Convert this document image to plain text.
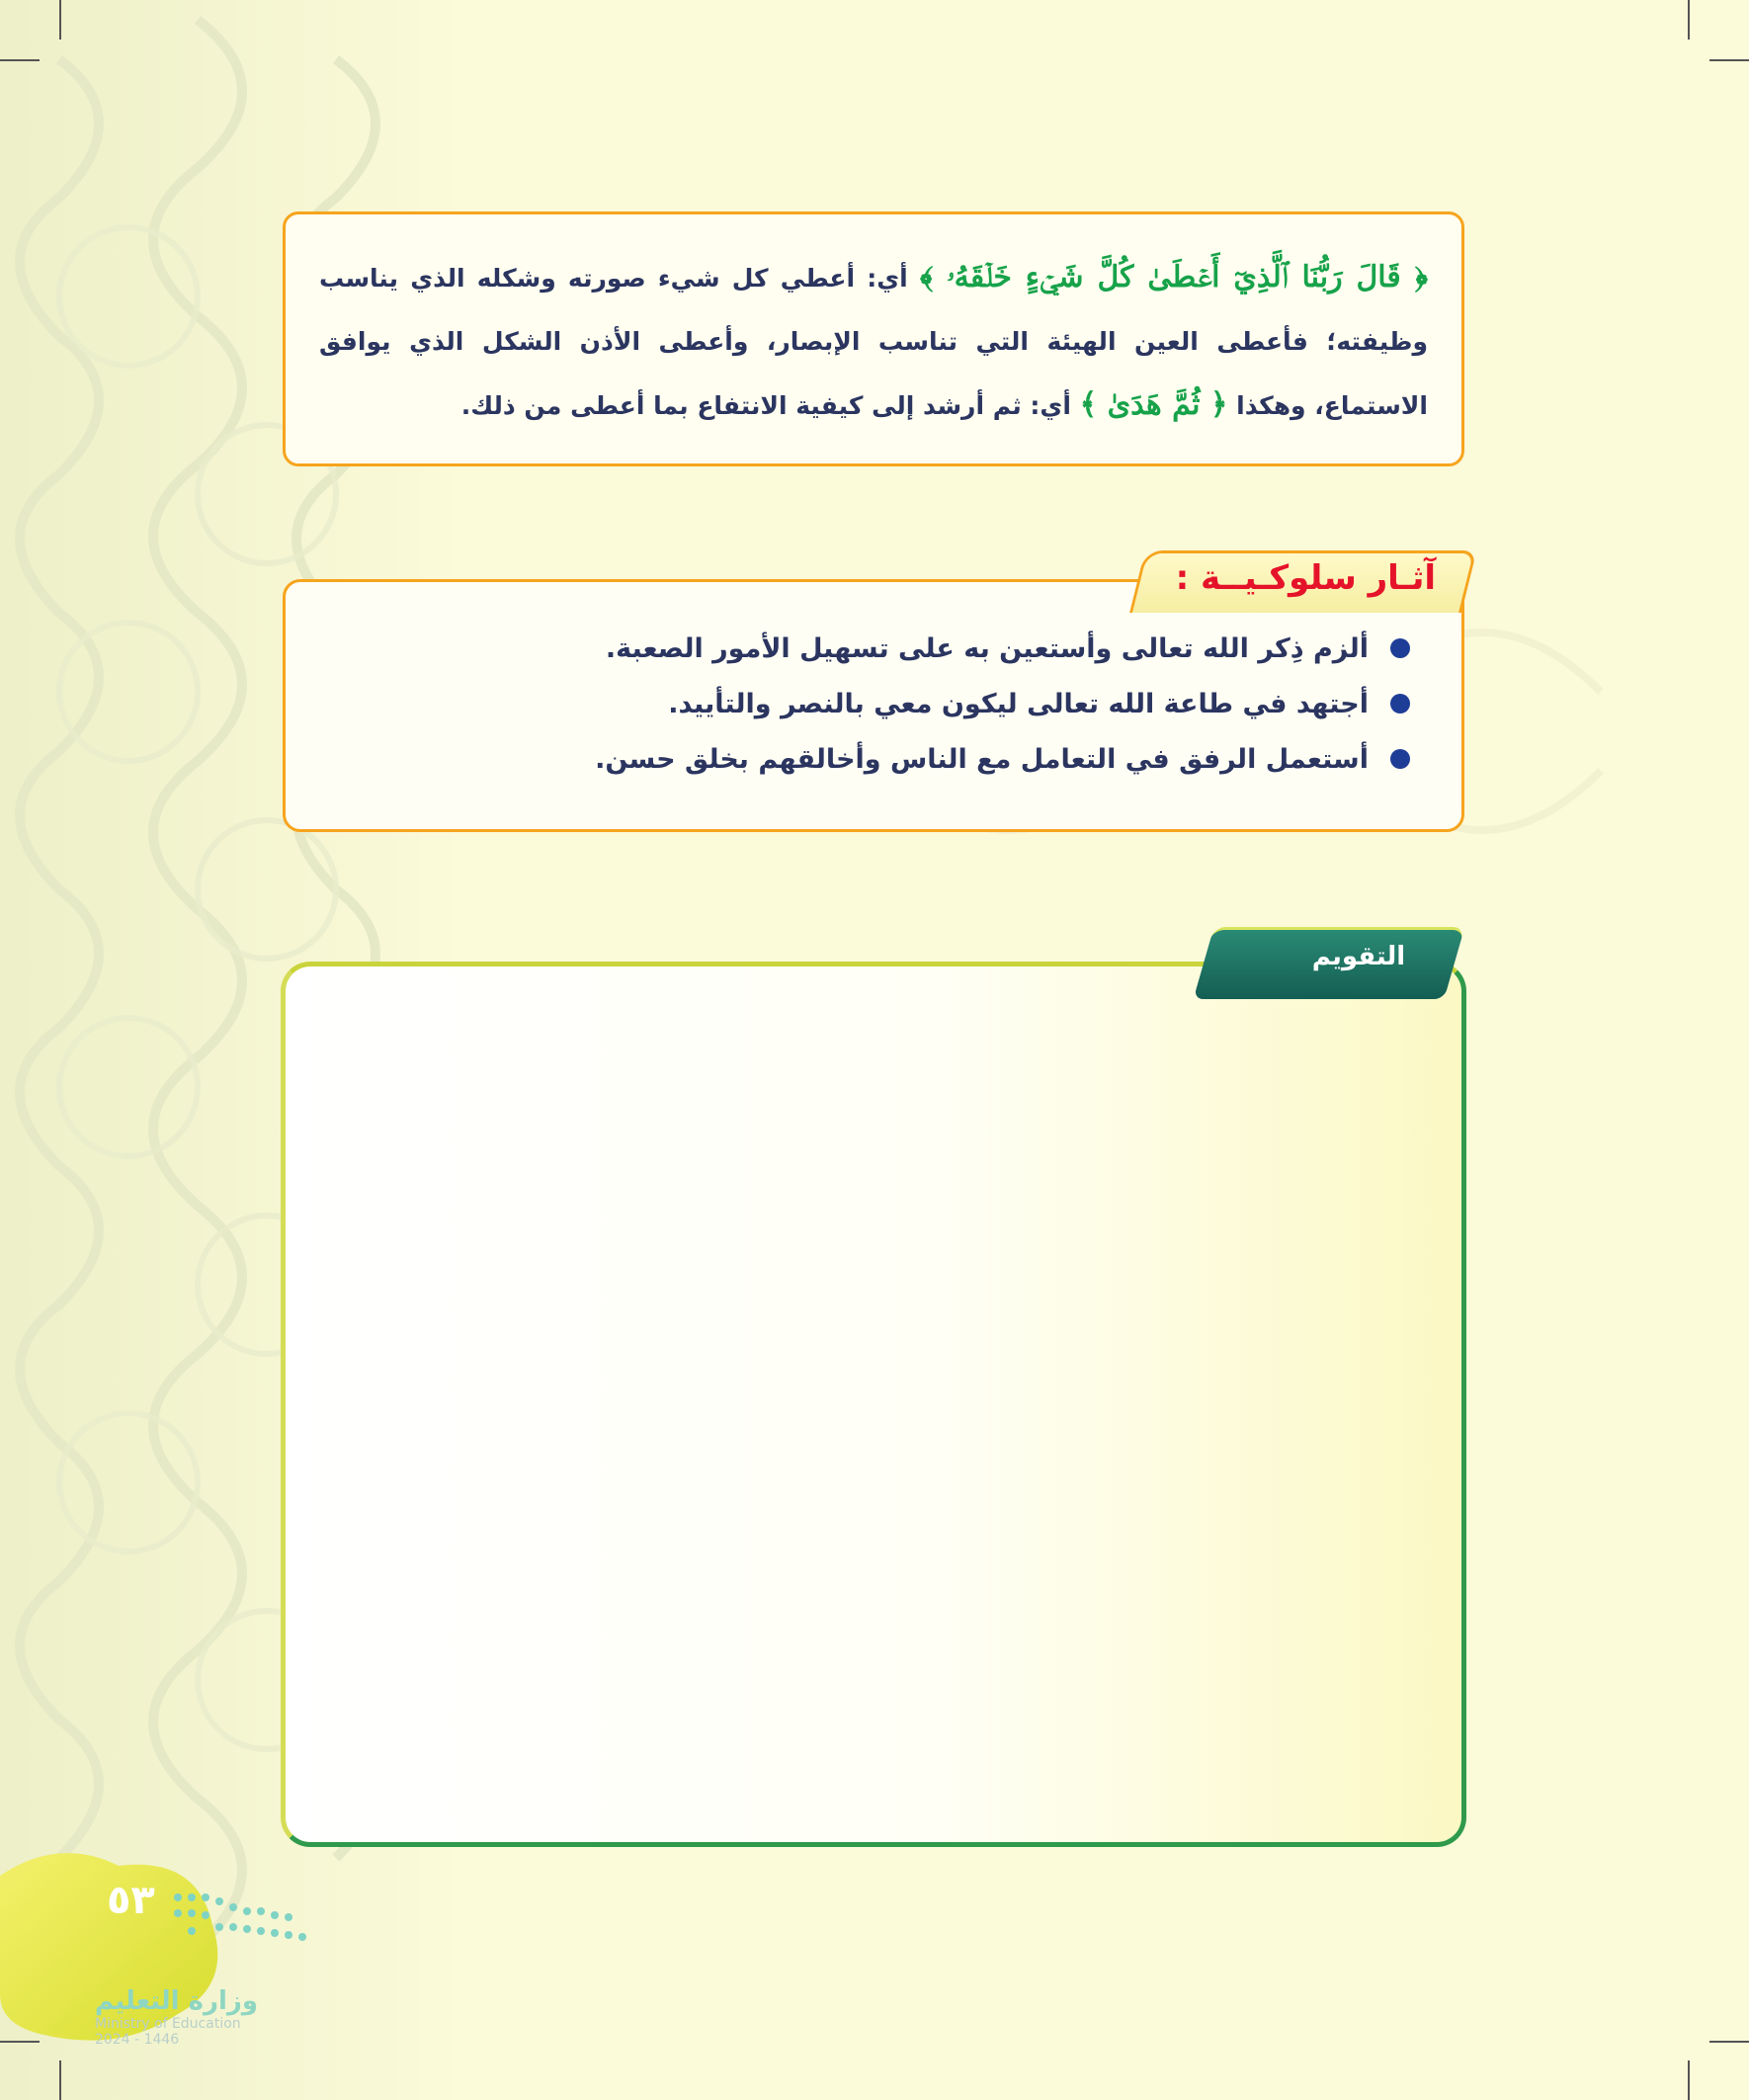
﴿ قَالَ رَبُّنَا ٱلَّذِيٓ أَعۡطَىٰ كُلَّ شَيۡءٍ خَلۡقَهُۥ ﴾ أي: أعطي كل شيء صورته وشكله الذي يناسب وظيفته؛ فأعطى العين الهيئة التي تناسب الإبصار، وأعطى الأذن الشكل الذي يوافق الاستماع، وهكذا ﴿ ثُمَّ هَدَىٰ ﴾ أي: ثم أرشد إلى كيفية الانتفاع بما أعطى من ذلك.

آثـار سلوكـيــة :
ألزم ذِكر الله تعالى وأستعين به على تسهيل الأمور الصعبة.
أجتهد في طاعة الله تعالى ليكون معي بالنصر والتأييد.
أستعمل الرفق في التعامل مع الناس وأخالقهم بخلق حسن.
التقويم
٥٣
وزارة التعليم
Ministry of Education
2024 - 1446
